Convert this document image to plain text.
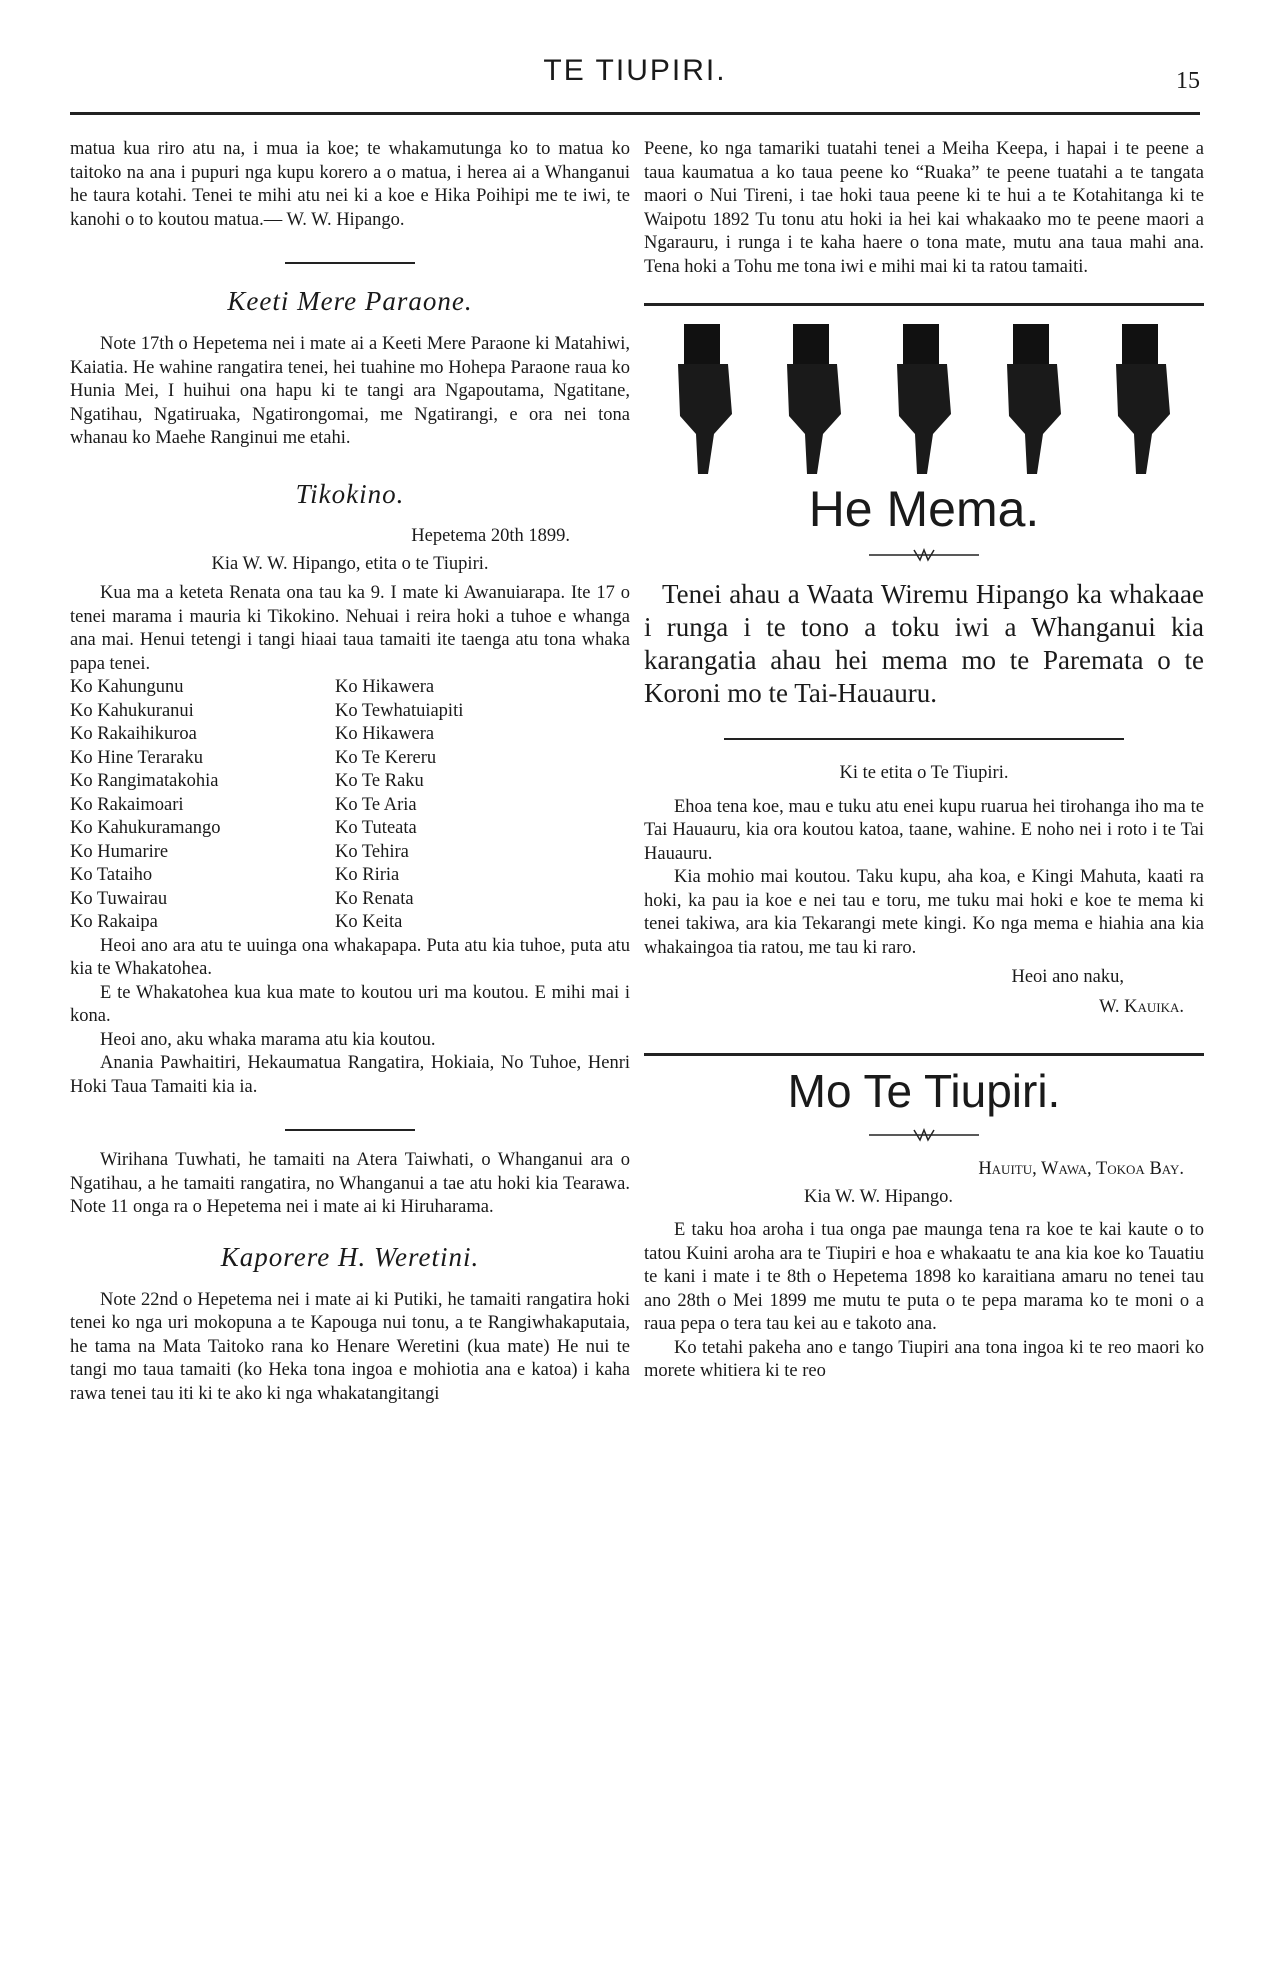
TE TIUPIRI.	15

matua kua riro atu na, i mua ia koe; te whakamutunga ko to matua ko taitoko na ana i pupuri nga kupu korero a o matua, i herea ai a Whanganui he taura kotahi. Tenei te mihi atu nei ki a koe e Hika Poihipi me te iwi, te kanohi o to koutou matua.— W. W. Hipango.

Keeti Mere Paraone.

Note 17th o Hepetema nei i mate ai a Keeti Mere Paraone ki Matahiwi, Kaiatia. He wahine rangatira tenei, hei tuahine mo Hohepa Paraone raua ko Hunia Mei, I huihui ona hapu ki te tangi ara Ngapoutama, Ngatitane, Ngatihau, Ngatiruaka, Ngatirongomai, me Ngatirangi, e ora nei tona whanau ko Maehe Ranginui me etahi.

Tikokino.
Hepetema 20th 1899.

Kia W. W. Hipango, etita o te Tiupiri.

Kua ma a keteta Renata ona tau ka 9. I mate ki Awanuiarapa. Ite 17 o tenei marama i mauria ki Tikokino. Nehuai i reira hoki a tuhoe e whanga ana mai. Henui tetengi i tangi hiaai taua tamaiti ite taenga atu tona whaka papa tenei.

Ko Kahungunu	Ko Hikawera
Ko Kahukuranui	Ko Tewhatuiapiti
Ko Rakaihikuroa	Ko Hikawera
Ko Hine Teraraku	Ko Te Kereru
Ko Rangimatakohia	Ko Te Raku
Ko Rakaimoari	Ko Te Aria
Ko Kahukuramango	Ko Tuteata
Ko Humarire	Ko Tehira
Ko Tataiho	Ko Riria
Ko Tuwairau	Ko Renata
Ko Rakaipa	Ko Keita

Heoi ano ara atu te uuinga ona whakapapa. Puta atu kia tuhoe, puta atu kia te Whakatohea.

E te Whakatohea kua kua mate to koutou uri ma koutou. E mihi mai i kona.

Heoi ano, aku whaka marama atu kia koutou.

Anania Pawhaitiri, Hekaumatua Rangatira, Hokiaia, No Tuhoe, Henri Hoki Taua Tamaiti kia ia.

Wirihana Tuwhati, he tamaiti na Atera Taiwhati, o Whanganui ara o Ngatihau, a he tamaiti rangatira, no Whanganui a tae atu hoki kia Tearawa. Note 11 onga ra o Hepetema nei i mate ai ki Hiruharama.

Kaporere H. Weretini.

Note 22nd o Hepetema nei i mate ai ki Putiki, he tamaiti rangatira hoki tenei ko nga uri mokopuna a te Kapouga nui tonu, a te Rangiwhakaputaia, he tama na Mata Taitoko rana ko Henare Weretini (kua mate) He nui te tangi mo taua tamaiti (ko Heka tona ingoa e mohiotia ana e katoa) i kaha rawa tenei tau iti ki te ako ki nga whakatangitangi

Peene, ko nga tamariki tuatahi tenei a Meiha Keepa, i hapai i te peene a taua kaumatua a ko taua peene ko “Ruaka” te peene tuatahi a te tangata maori o Nui Tireni, i tae hoki taua peene ki te hui a te Kotahitanga ki te Waipotu 1892 Tu tonu atu hoki ia hei kai whakaako mo te peene maori a Ngarauru, i runga i te kaha haere o tona mate, mutu ana taua mahi ana. Tena hoki a Tohu me tona iwi e mihi mai ki ta ratou tamaiti.

He Mema.

Tenei ahau a Waata Wiremu Hipango ka whakaae i runga i te tono a toku iwi a Whanganui kia karangatia ahau hei mema mo te Paremata o te Koroni mo te Tai-Hauauru.

Ki te etita o Te Tiupiri.

Ehoa tena koe, mau e tuku atu enei kupu ruarua hei tirohanga iho ma te Tai Hauauru, kia ora koutou katoa, taane, wahine. E noho nei i roto i te Tai Hauauru.

Kia mohio mai koutou. Taku kupu, aha koa, e Kingi Mahuta, kaati ra hoki, ka pau ia koe e nei tau e toru, me tuku mai hoki e koe te mema ki tenei takiwa, ara kia Tekarangi mete kingi. Ko nga mema e hiahia ana kia whakaingoa tia ratou, me tau ki raro.

Heoi ano naku,

W. Kauika.

Mo Te Tiupiri.

Hauitu, Wawa, Tokoa Bay.

Kia W. W. Hipango.

E taku hoa aroha i tua onga pae maunga tena ra koe te kai kaute o to tatou Kuini aroha ara te Tiupiri e hoa e whakaatu te ana kia koe ko Tauatiu te kani i mate i te 8th o Hepetema 1898 ko karaitiana amaru no tenei tau ano 28th o Mei 1899 me mutu te puta o te pepa marama ko te moni o a raua pepa o tera tau kei au e takoto ana.

Ko tetahi pakeha ano e tango Tiupiri ana tona ingoa ki te reo maori ko morete whitiera ki te reo
